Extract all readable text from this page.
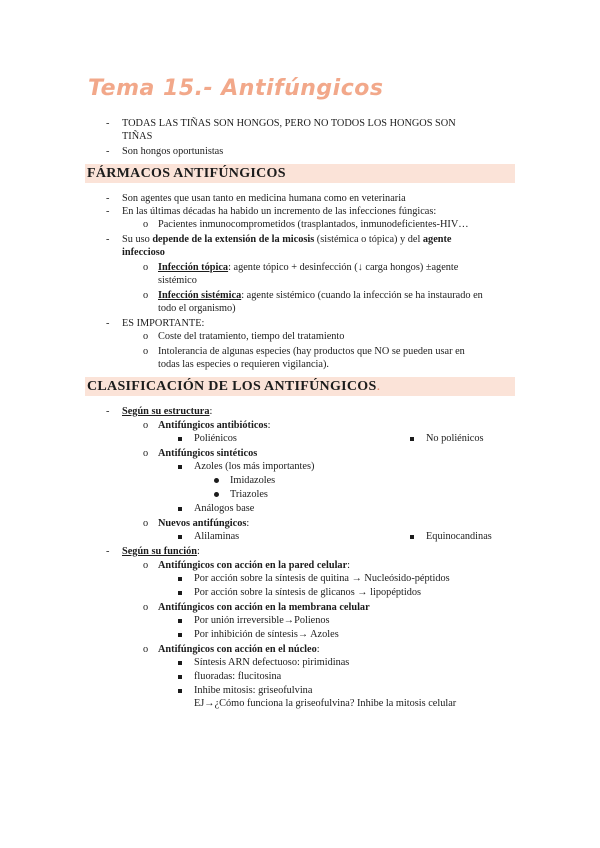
Tema 15.- Antifúngicos
- TODAS LAS TIÑAS SON HONGOS, PERO NO TODOS LOS HONGOS SON
TIÑAS
- Son hongos oportunistas
FÁRMACOS ANTIFÚNGICOS
- Son agentes que usan tanto en medicina humana como en veterinaria
- En las últimas décadas ha habido un incremento de las infecciones fúngicas:
o Pacientes inmunocomprometidos (trasplantados, inmunodeficientes-HIV…
- Su uso depende de la extensión de la micosis (sistémica o tópica) y del agente
infeccioso
o Infección tópica: agente tópico + desinfección (↓ carga hongos) ±agente
sistémico
o Infección sistémica: agente sistémico (cuando la infección se ha instaurado en
todo el organismo)
- ES IMPORTANTE:
o Coste del tratamiento, tiempo del tratamiento
o Intolerancia de algunas especies (hay productos que NO se pueden usar en
todas las especies o requieren vigilancia).
CLASIFICACIÓN DE LOS ANTIFÚNGICOS.
- Según su estructura:
o Antifúngicos antibióticos:
Poliénicos	No poliénicos
o Antifúngicos sintéticos
Azoles (los más importantes)
Imidazoles
Triazoles
Análogos base
o Nuevos antifúngicos:
Alilaminas	Equinocandinas
- Según su función:
o Antifúngicos con acción en la pared celular:
Por acción sobre la síntesis de quitina → Nucleósido-péptidos
Por acción sobre la síntesis de glicanos → lipopéptidos
o Antifúngicos con acción en la membrana celular
Por unión irreversible→Polienos
Por inhibición de síntesis→ Azoles
o Antifúngicos con acción en el núcleo:
Síntesis ARN defectuoso: pirimidinas
fluoradas: flucitosina
Inhibe mitosis: griseofulvina
EJ→¿Cómo funciona la griseofulvina? Inhibe la mitosis celular
